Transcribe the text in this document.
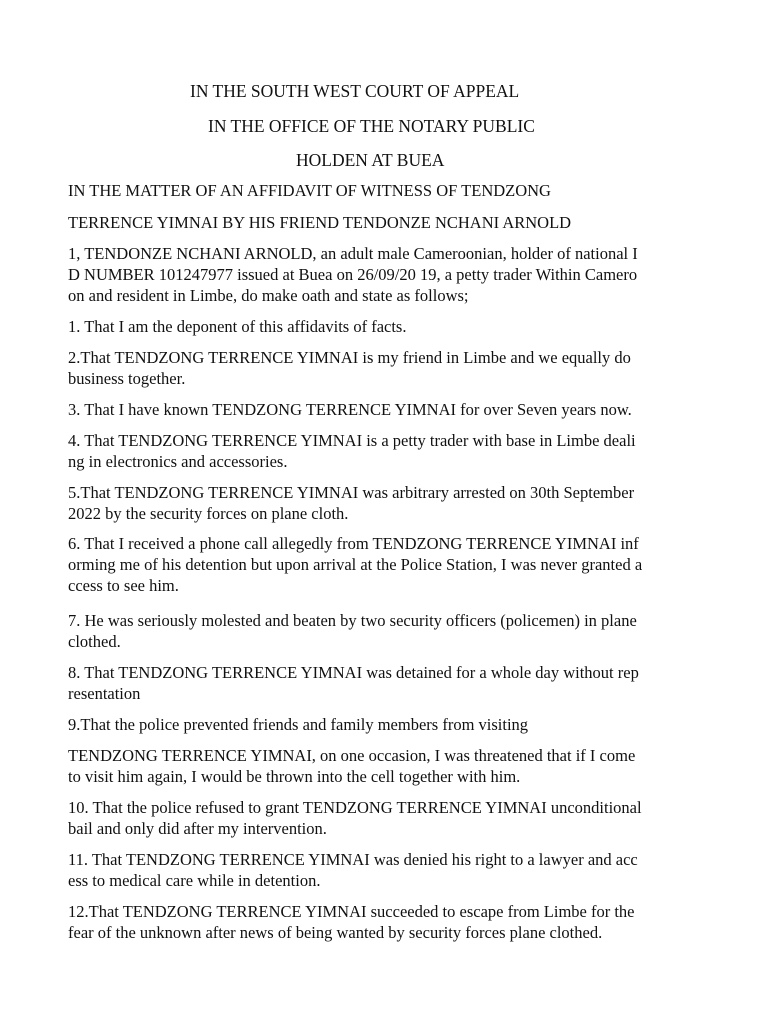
IN THE SOUTH WEST COURT OF APPEAL
IN THE OFFICE OF THE NOTARY PUBLIC
HOLDEN AT BUEA

IN THE MATTER OF AN AFFIDAVIT OF WITNESS OF TENDZONG

TERRENCE YIMNAI BY HIS FRIEND TENDONZE NCHANI ARNOLD

1, TENDONZE NCHANI ARNOLD, an adult male Cameroonian, holder of national I
D NUMBER 101247977 issued at Buea on 26/09/20 19, a petty trader Within Camero
on and resident in Limbe, do make oath and state as follows;

1. That I am the deponent of this affidavits of facts.

2.That TENDZONG TERRENCE YIMNAI is my friend in Limbe and we equally do
business together.

3. That I have known TENDZONG TERRENCE YIMNAI for over Seven years now.

4. That TENDZONG TERRENCE YIMNAI is a petty trader with base in Limbe deali
ng in electronics and accessories.

5.That TENDZONG TERRENCE YIMNAI was arbitrary arrested on 30th September
2022 by the security forces on plane cloth.

6. That I received a phone call allegedly from TENDZONG TERRENCE YIMNAI inf
orming me of his detention but upon arrival at the Police Station, I was never granted a
ccess to see him.

7. He was seriously molested and beaten by two security officers (policemen) in plane
clothed.

8. That TENDZONG TERRENCE YIMNAI was detained for a whole day without rep
resentation

9.That the police prevented friends and family members from visiting

TENDZONG TERRENCE YIMNAI, on one occasion, I was threatened that if I come
to visit him again, I would be thrown into the cell together with him.

10. That the police refused to grant TENDZONG TERRENCE YIMNAI unconditional
bail and only did after my intervention.

11. That TENDZONG TERRENCE YIMNAI was denied his right to a lawyer and acc
ess to medical care while in detention.

12.That TENDZONG TERRENCE YIMNAI succeeded to escape from Limbe for the
fear of the unknown after news of being wanted by security forces plane clothed.
